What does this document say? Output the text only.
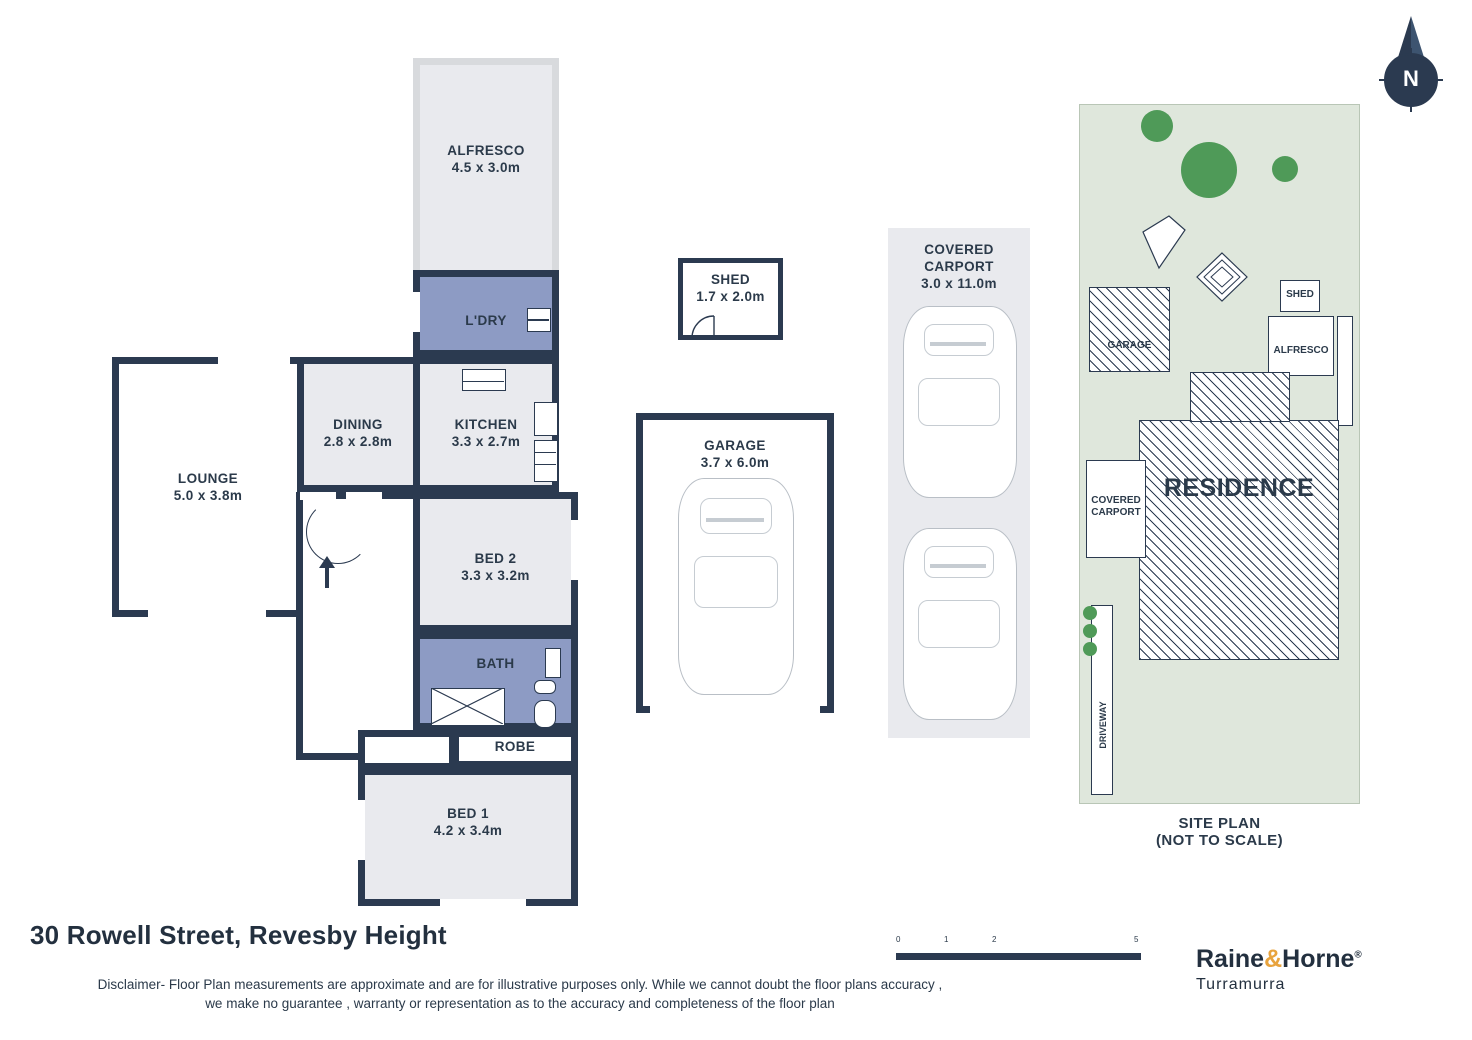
ALFRESCO
4.5 x 3.0m
L'DRY
KITCHEN
3.3 x 2.7m
DINING
2.8 x 2.8m
LOUNGE
5.0 x 3.8m
BED 2
3.3 x 3.2m
BATH
ROBE
BED 1
4.2 x 3.4m
SHED
1.7 x 2.0m
GARAGE
3.7 x 6.0m
COVERED
CARPORT
3.0 x 11.0m
GARAGE
SHED
ALFRESCO
RESIDENCE
COVERED
CARPORT
DRIVEWAY
SITE PLAN
(NOT TO SCALE)
N
30 Rowell Street, Revesby Height
Disclaimer- Floor Plan measurements are approximate and are for illustrative purposes only. While we cannot doubt the floor plans accuracy ,
we make no guarantee , warranty or representation as to the accuracy and completeness of the floor plan
0	1	2	5
Raine&Horne®
Turramurra
